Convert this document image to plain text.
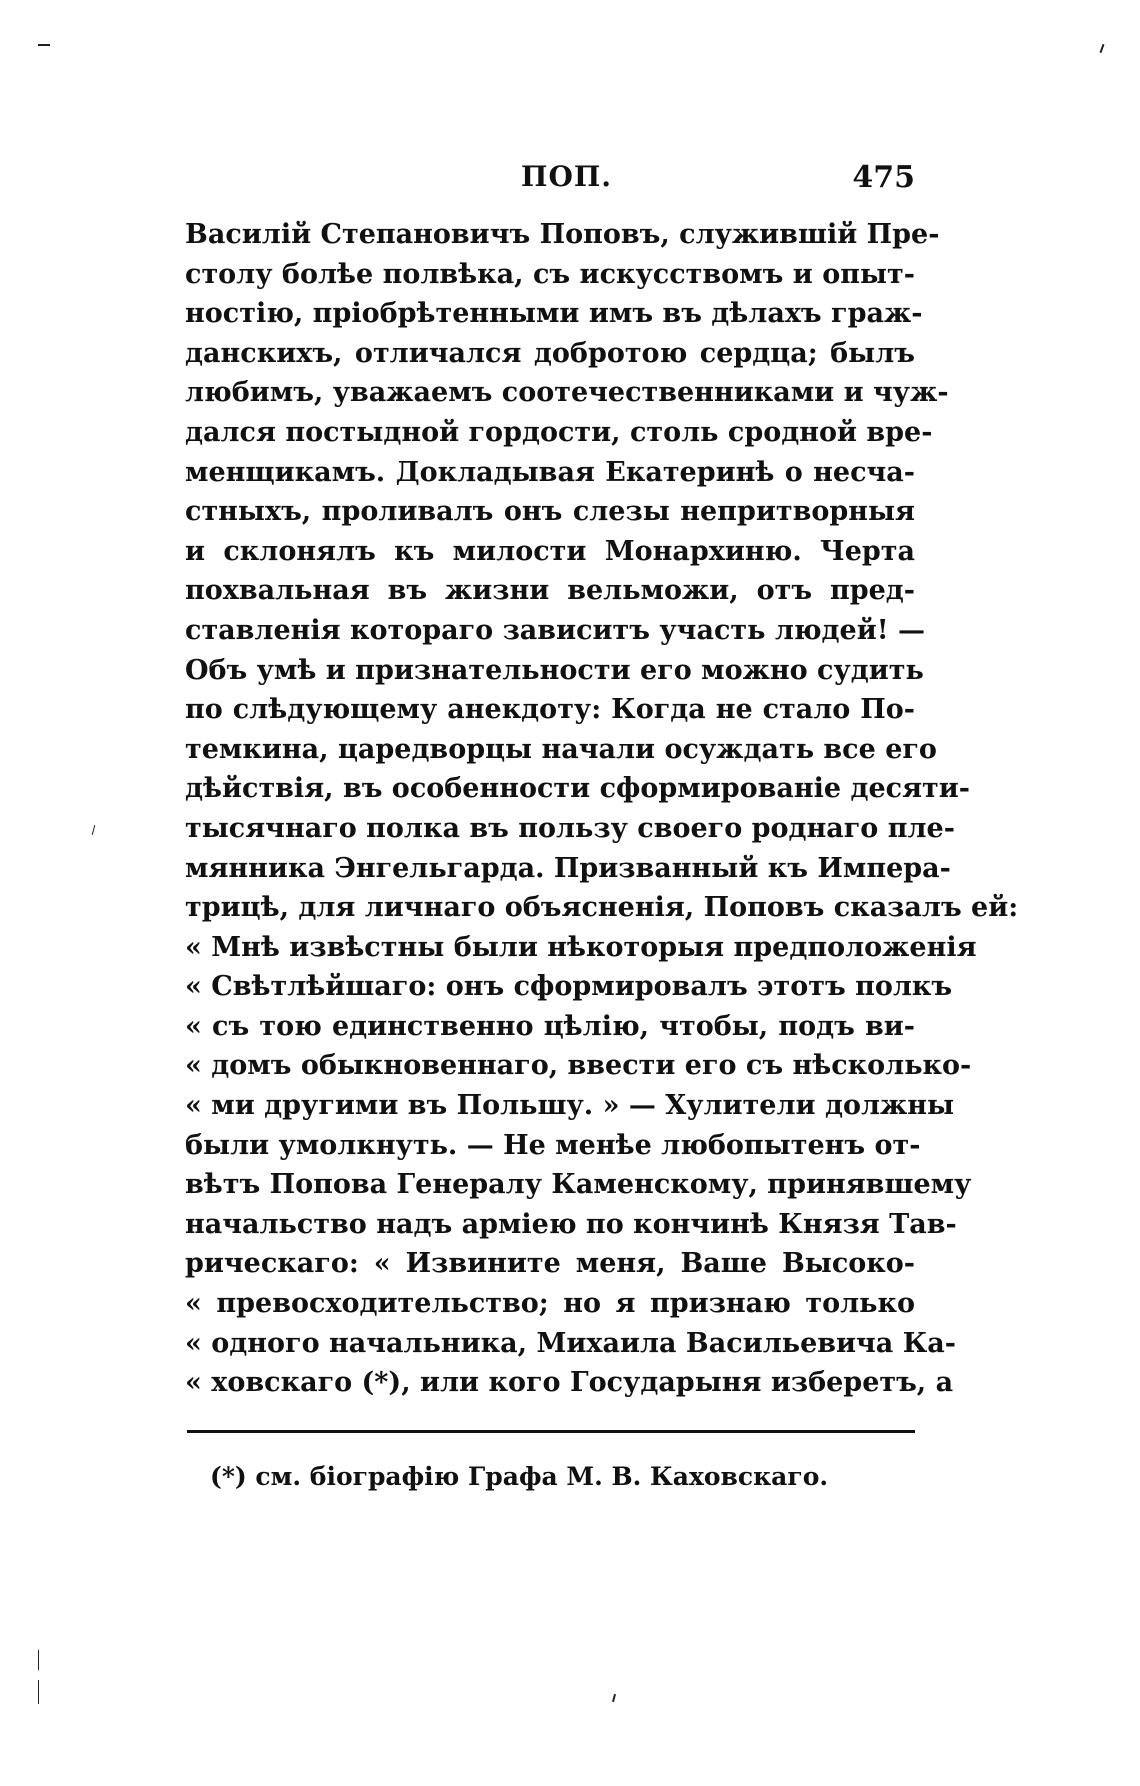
ПОП.	475
Василій Степановичъ Поповъ, служившій Пре-
столу болѣе полвѣка, съ искусствомъ и опыт-
ностію, пріобрѣтенными имъ въ дѣлахъ граж-
данскихъ, отличался добротою сердца; былъ
любимъ, уважаемъ соотечественниками и чуж-
дался постыдной гордости, столь сродной вре-
менщикамъ. Докладывая Екатеринѣ о несча-
стныхъ, проливалъ онъ слезы непритворныя
и склонялъ къ милости Монархиню. Черта
похвальная въ жизни вельможи, отъ пред-
ставленія котораго зависитъ участь людей! —
Объ умѣ и признательности его можно судить
по слѣдующему анекдоту: Когда не стало По-
темкина, царедворцы начали осуждать все его
дѣйствія, въ особенности сформированіе десяти-
тысячнаго полка въ пользу своего роднаго пле-
мянника Энгельгарда. Призванный къ Импера-
трицѣ, для личнаго объясненія, Поповъ сказалъ ей:
« Мнѣ извѣстны были нѣкоторыя предположенія
« Свѣтлѣйшаго: онъ сформировалъ этотъ полкъ
« съ тою единственно цѣлію, чтобы, подъ ви-
« домъ обыкновеннаго, ввести его съ нѣсколько-
« ми другими въ Польшу. » — Хулители должны
были умолкнуть. — Не менѣе любопытенъ от-
вѣтъ Попова Генералу Каменскому, принявшему
начальство надъ арміею по кончинѣ Князя Тав-
рическаго: « Извините меня, Ваше Высоко-
« превосходительство; но я признаю только
« одного начальника, Михаила Васильевича Ка-
« ховскаго (*), или кого Государыня изберетъ, а
(*) см. біографію Графа М. В. Каховскаго.
